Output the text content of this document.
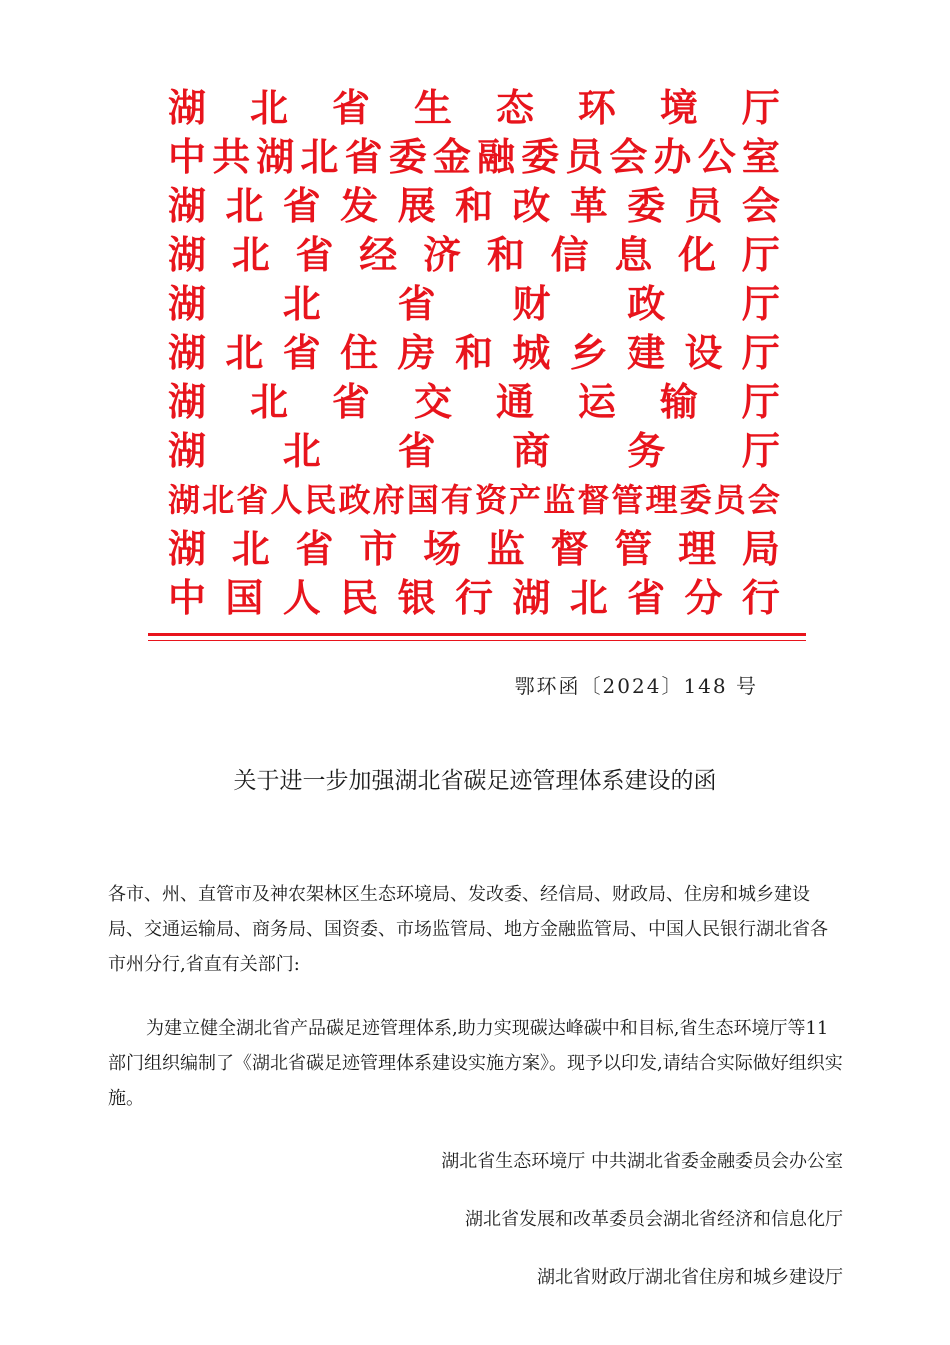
湖 北 省 生 态 环 境 厅
中 共 湖 北 省 委 金 融 委 员 会 办 公 室
湖 北 省 发 展 和 改 革 委 员 会
湖 北 省 经 济 和 信 息 化 厅
湖 北 省 财 政 厅
湖 北 省 住 房 和 城 乡 建 设 厅
湖 北 省 交 通 运 输 厅
湖 北 省 商 务 厅
湖 北 省 人 民 政 府 国 有 资 产 监 督 管 理 委 员 会
湖 北 省 市 场 监 督 管 理 局
中 国 人 民 银 行 湖 北 省 分 行
鄂环函〔2024〕148 号
关于进一步加强湖北省碳足迹管理体系建设的函
各市、州、直管市及神农架林区生态环境局、发改委、经信局、财政局、住房和城乡建设局、交通运输局、商务局、国资委、市场监管局、地方金融监管局、中国人民银行湖北省各市州分行,省直有关部门:
为建立健全湖北省产品碳足迹管理体系,助力实现碳达峰碳中和目标,省生态环境厅等11部门组织编制了《湖北省碳足迹管理体系建设实施方案》。现予以印发,请结合实际做好组织实施。
湖北省生态环境厅 中共湖北省委金融委员会办公室
湖北省发展和改革委员会湖北省经济和信息化厅
湖北省财政厅湖北省住房和城乡建设厅
